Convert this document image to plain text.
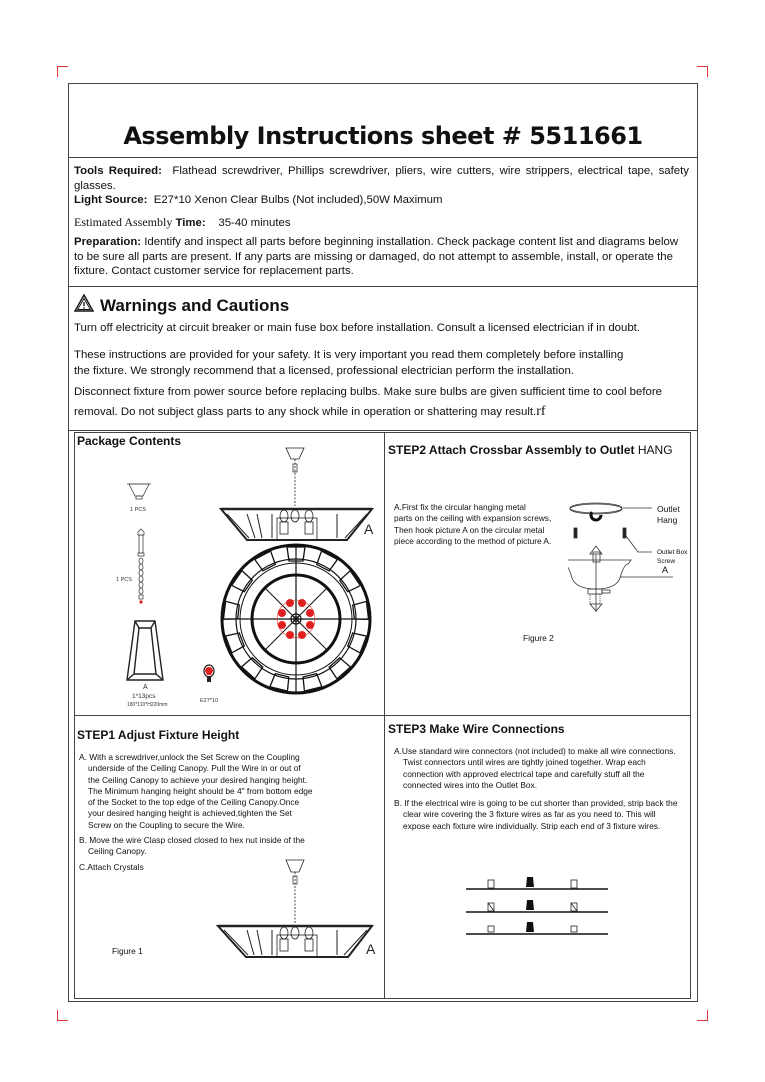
Assembly Instructions sheet # 5511661

Tools Required: Flathead screwdriver, Phillips screwdriver, pliers, wire cutters, wire strippers, electrical tape, safety glasses.

Light Source: E27*10 Xenon Clear Bulbs (Not included),50W Maximum

Estimated Assembly Time: 35-40 minutes

Preparation: Identify and inspect all parts before beginning installation. Check package content list and diagrams below to be sure all parts are present. If any parts are missing or damaged, do not attempt to assemble, install, or operate the fixture. Contact customer service for replacement parts.

Warnings and Cautions

Turn off electricity at circuit breaker or main fuse box before installation. Consult a licensed electrician if in doubt.

These instructions are provided for your safety. It is very important you read them completely before installing
the fixture. We strongly recommend that a licensed, professional electrician perform the installation.

Disconnect fixture from power source before replacing bulbs. Make sure bulbs are given sufficient time to cool before
removal. Do not subject glass parts to any shock while in operation or shattering may result.rf

Package Contents
A
1 PCS
1 PCS
A
1*13pcs
180*110*H220mm
E27*10
STEP2 Attach Crossbar Assembly to Outlet HANG

A.First fix the circular hanging metal

parts on the ceiling with expansion screws,

Then hook picture A on the circular metal

piece according to the method of picture A.

Outlet
Hang
Outlet Box
Screw
A
Figure 2
STEP1 Adjust Fixture Height

A. With a screwdriver,unlock the Set Screw on the Coupling underside of the Ceiling Canopy. Pull the Wire in or out of the Ceiling Canopy to achieve your desired hanging height. The Minimum hanging height should be 4" from bottom edge of the Socket to the top edge of the Ceiling Canopy.Once your desired hanging height is achieved,tighten the Set Screw on the Coupling to secure the Wire.

B. Move the wire Clasp closed closed to hex nut inside of the Ceiling Canopy.

C.Attach Crystals

A
Figure 1
STEP3 Make Wire Connections

A.Use standard wire connectors (not included) to make all wire connections. Twist connectors until wires are tightly joined together. Wrap each connection with approved electrical tape and carefully stuff all the connected wires into the Outlet Box.

B. If the electrical wire is going to be cut shorter than provided, strip back the clear wire covering the 3 fixture wires as far as you need to. This will expose each fixture wire individually. Strip each end of 3 fixture wires.
